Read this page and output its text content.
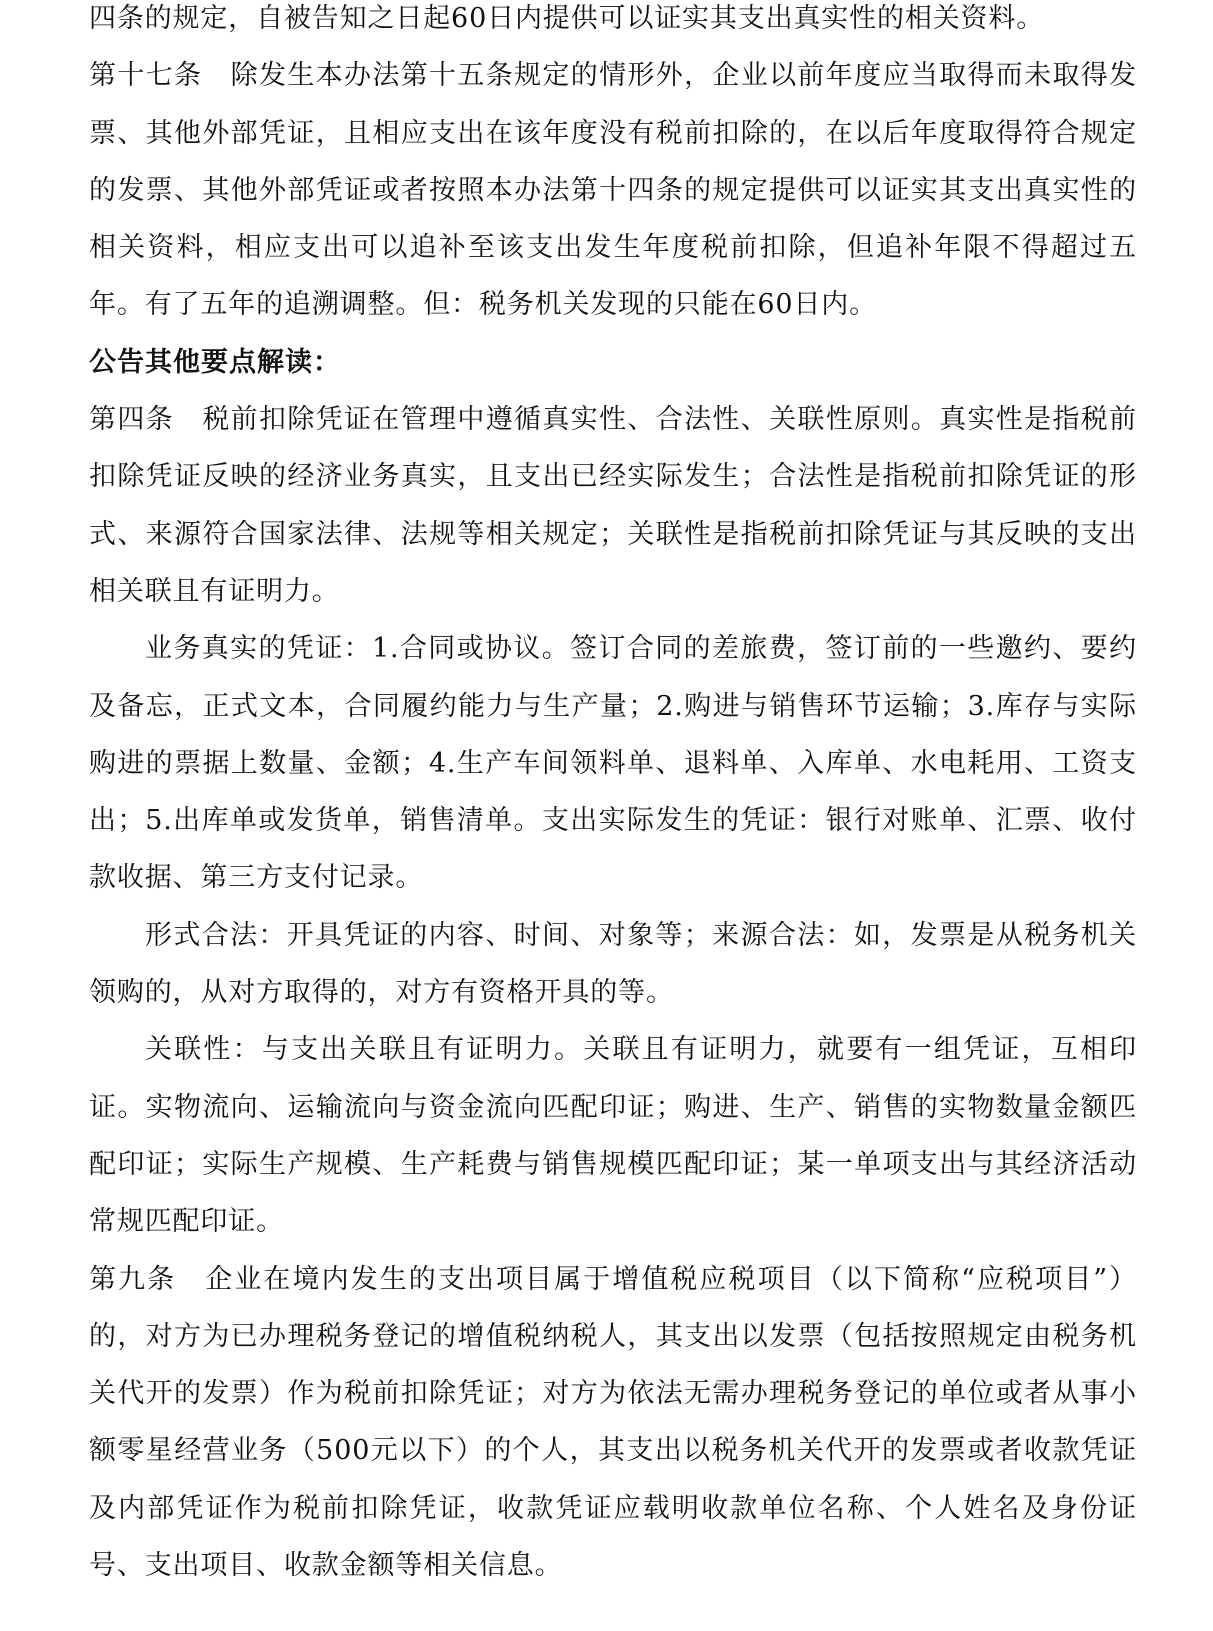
四条的规定，自被告知之日起60日内提供可以证实其支出真实性的相关资料。

第十七条　除发生本办法第十五条规定的情形外，企业以前年度应当取得而未取得发票、其他外部凭证，且相应支出在该年度没有税前扣除的，在以后年度取得符合规定的发票、其他外部凭证或者按照本办法第十四条的规定提供可以证实其支出真实性的相关资料，相应支出可以追补至该支出发生年度税前扣除，但追补年限不得超过五年。有了五年的追溯调整。但：税务机关发现的只能在60日内。

公告其他要点解读：

第四条　税前扣除凭证在管理中遵循真实性、合法性、关联性原则。真实性是指税前扣除凭证反映的经济业务真实，且支出已经实际发生；合法性是指税前扣除凭证的形式、来源符合国家法律、法规等相关规定；关联性是指税前扣除凭证与其反映的支出相关联且有证明力。

业务真实的凭证：1.合同或协议。签订合同的差旅费，签订前的一些邀约、要约及备忘，正式文本，合同履约能力与生产量；2.购进与销售环节运输；3.库存与实际购进的票据上数量、金额；4.生产车间领料单、退料单、入库单、水电耗用、工资支出；5.出库单或发货单，销售清单。支出实际发生的凭证：银行对账单、汇票、收付款收据、第三方支付记录。

形式合法：开具凭证的内容、时间、对象等；来源合法：如，发票是从税务机关领购的，从对方取得的，对方有资格开具的等。

关联性：与支出关联且有证明力。关联且有证明力，就要有一组凭证，互相印证。实物流向、运输流向与资金流向匹配印证；购进、生产、销售的实物数量金额匹配印证；实际生产规模、生产耗费与销售规模匹配印证；某一单项支出与其经济活动常规匹配印证。

第九条　企业在境内发生的支出项目属于增值税应税项目（以下简称“应税项目”）的，对方为已办理税务登记的增值税纳税人，其支出以发票（包括按照规定由税务机关代开的发票）作为税前扣除凭证；对方为依法无需办理税务登记的单位或者从事小额零星经营业务（500元以下）的个人，其支出以税务机关代开的发票或者收款凭证及内部凭证作为税前扣除凭证，收款凭证应载明收款单位名称、个人姓名及身份证号、支出项目、收款金额等相关信息。
